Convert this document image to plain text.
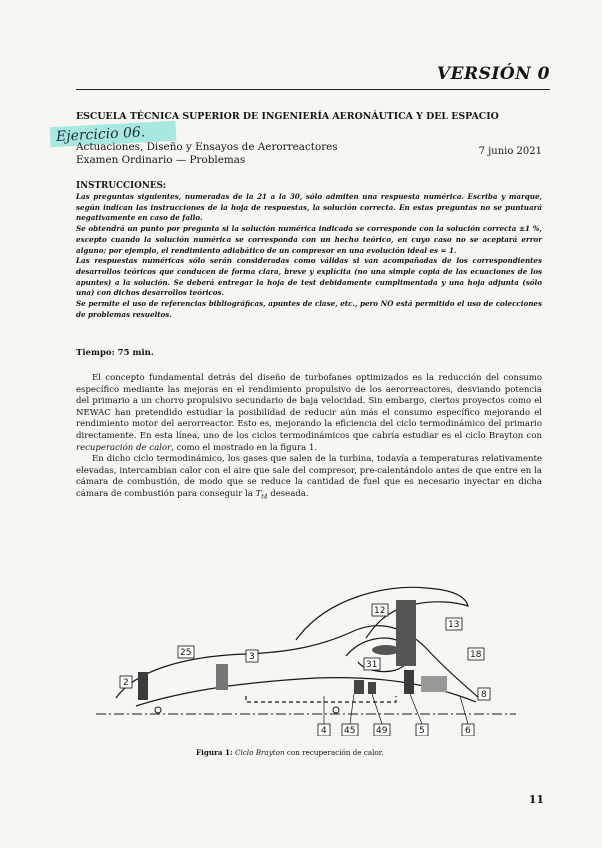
VERSIÓN 0
ESCUELA TÉCNICA SUPERIOR DE INGENIERÍA AERONÁUTICA Y DEL ESPACIO
Ejercicio 06.
Actuaciones, Diseño y Ensayos de Aerorreactores
Examen Ordinario — Problemas
7 junio 2021
INSTRUCCIONES:

Las preguntas siguientes, numeradas de la 21 a la 30, sólo admiten una respuesta numérica. Escriba y marque, según indican las instrucciones de la hoja de respuestas, la solución correcta. En estas preguntas no se puntuará negativamente en caso de fallo.

Se obtendrá un punto por pregunta si la solución numérica indicada se corresponde con la solución correcta ±1 %, excepto cuando la solución numérica se corresponda con un hecho teórico, en cuyo caso no se aceptará error alguno; por ejemplo, el rendimiento adiabático de un compresor en una evolución ideal es = 1.

Las respuestas numéricas sólo serán consideradas como válidas si van acompañadas de los correspondientes desarrollos teóricos que conducen de forma clara, breve y explícita (no una simple copia de las ecuaciones de los apuntes) a la solución. Se deberá entregar la hoja de test debidamente cumplimentada y una hoja adjunta (sólo una) con dichos desarrollos teóricos.

Se permite el uso de referencias bibliográficas, apuntes de clase, etc., pero NO está permitido el uso de colecciones de problemas resueltos.

Tiempo: 75 min.

El concepto fundamental detrás del diseño de turbofanes optimizados es la reducción del consumo específico mediante las mejoras en el rendimiento propulsivo de los aerorreactores, desviando potencia del primario a un chorro propulsivo secundario de baja velocidad. Sin embargo, ciertos proyectos como el NEWAC han pretendido estudiar la posibilidad de reducir aún más el consumo específico mejorando el rendimiento motor del aerorreactor. Esto es, mejorando la eficiencia del ciclo termodinámico del primario directamente. En esta línea, uno de los ciclos termodinámicos que cabría estudiar es el ciclo Brayton con recuperación de calor, como el mostrado en la figura 1.

En dicho ciclo termodinámico, los gases que salen de la turbina, todavía a temperaturas relativamente elevadas, intercambian calor con el aire que sale del compresor, pre-calentándolo antes de que entre en la cámara de combustión, de modo que se reduce la cantidad de fuel que es necesario inyectar en dicha cámara de combustión para conseguir la $T_{t4}$ deseada.

12
13
25	3
31
18
2
8
4 45 49	5	6
Figura 1: Ciclo Brayton con recuperación de calor.
11
